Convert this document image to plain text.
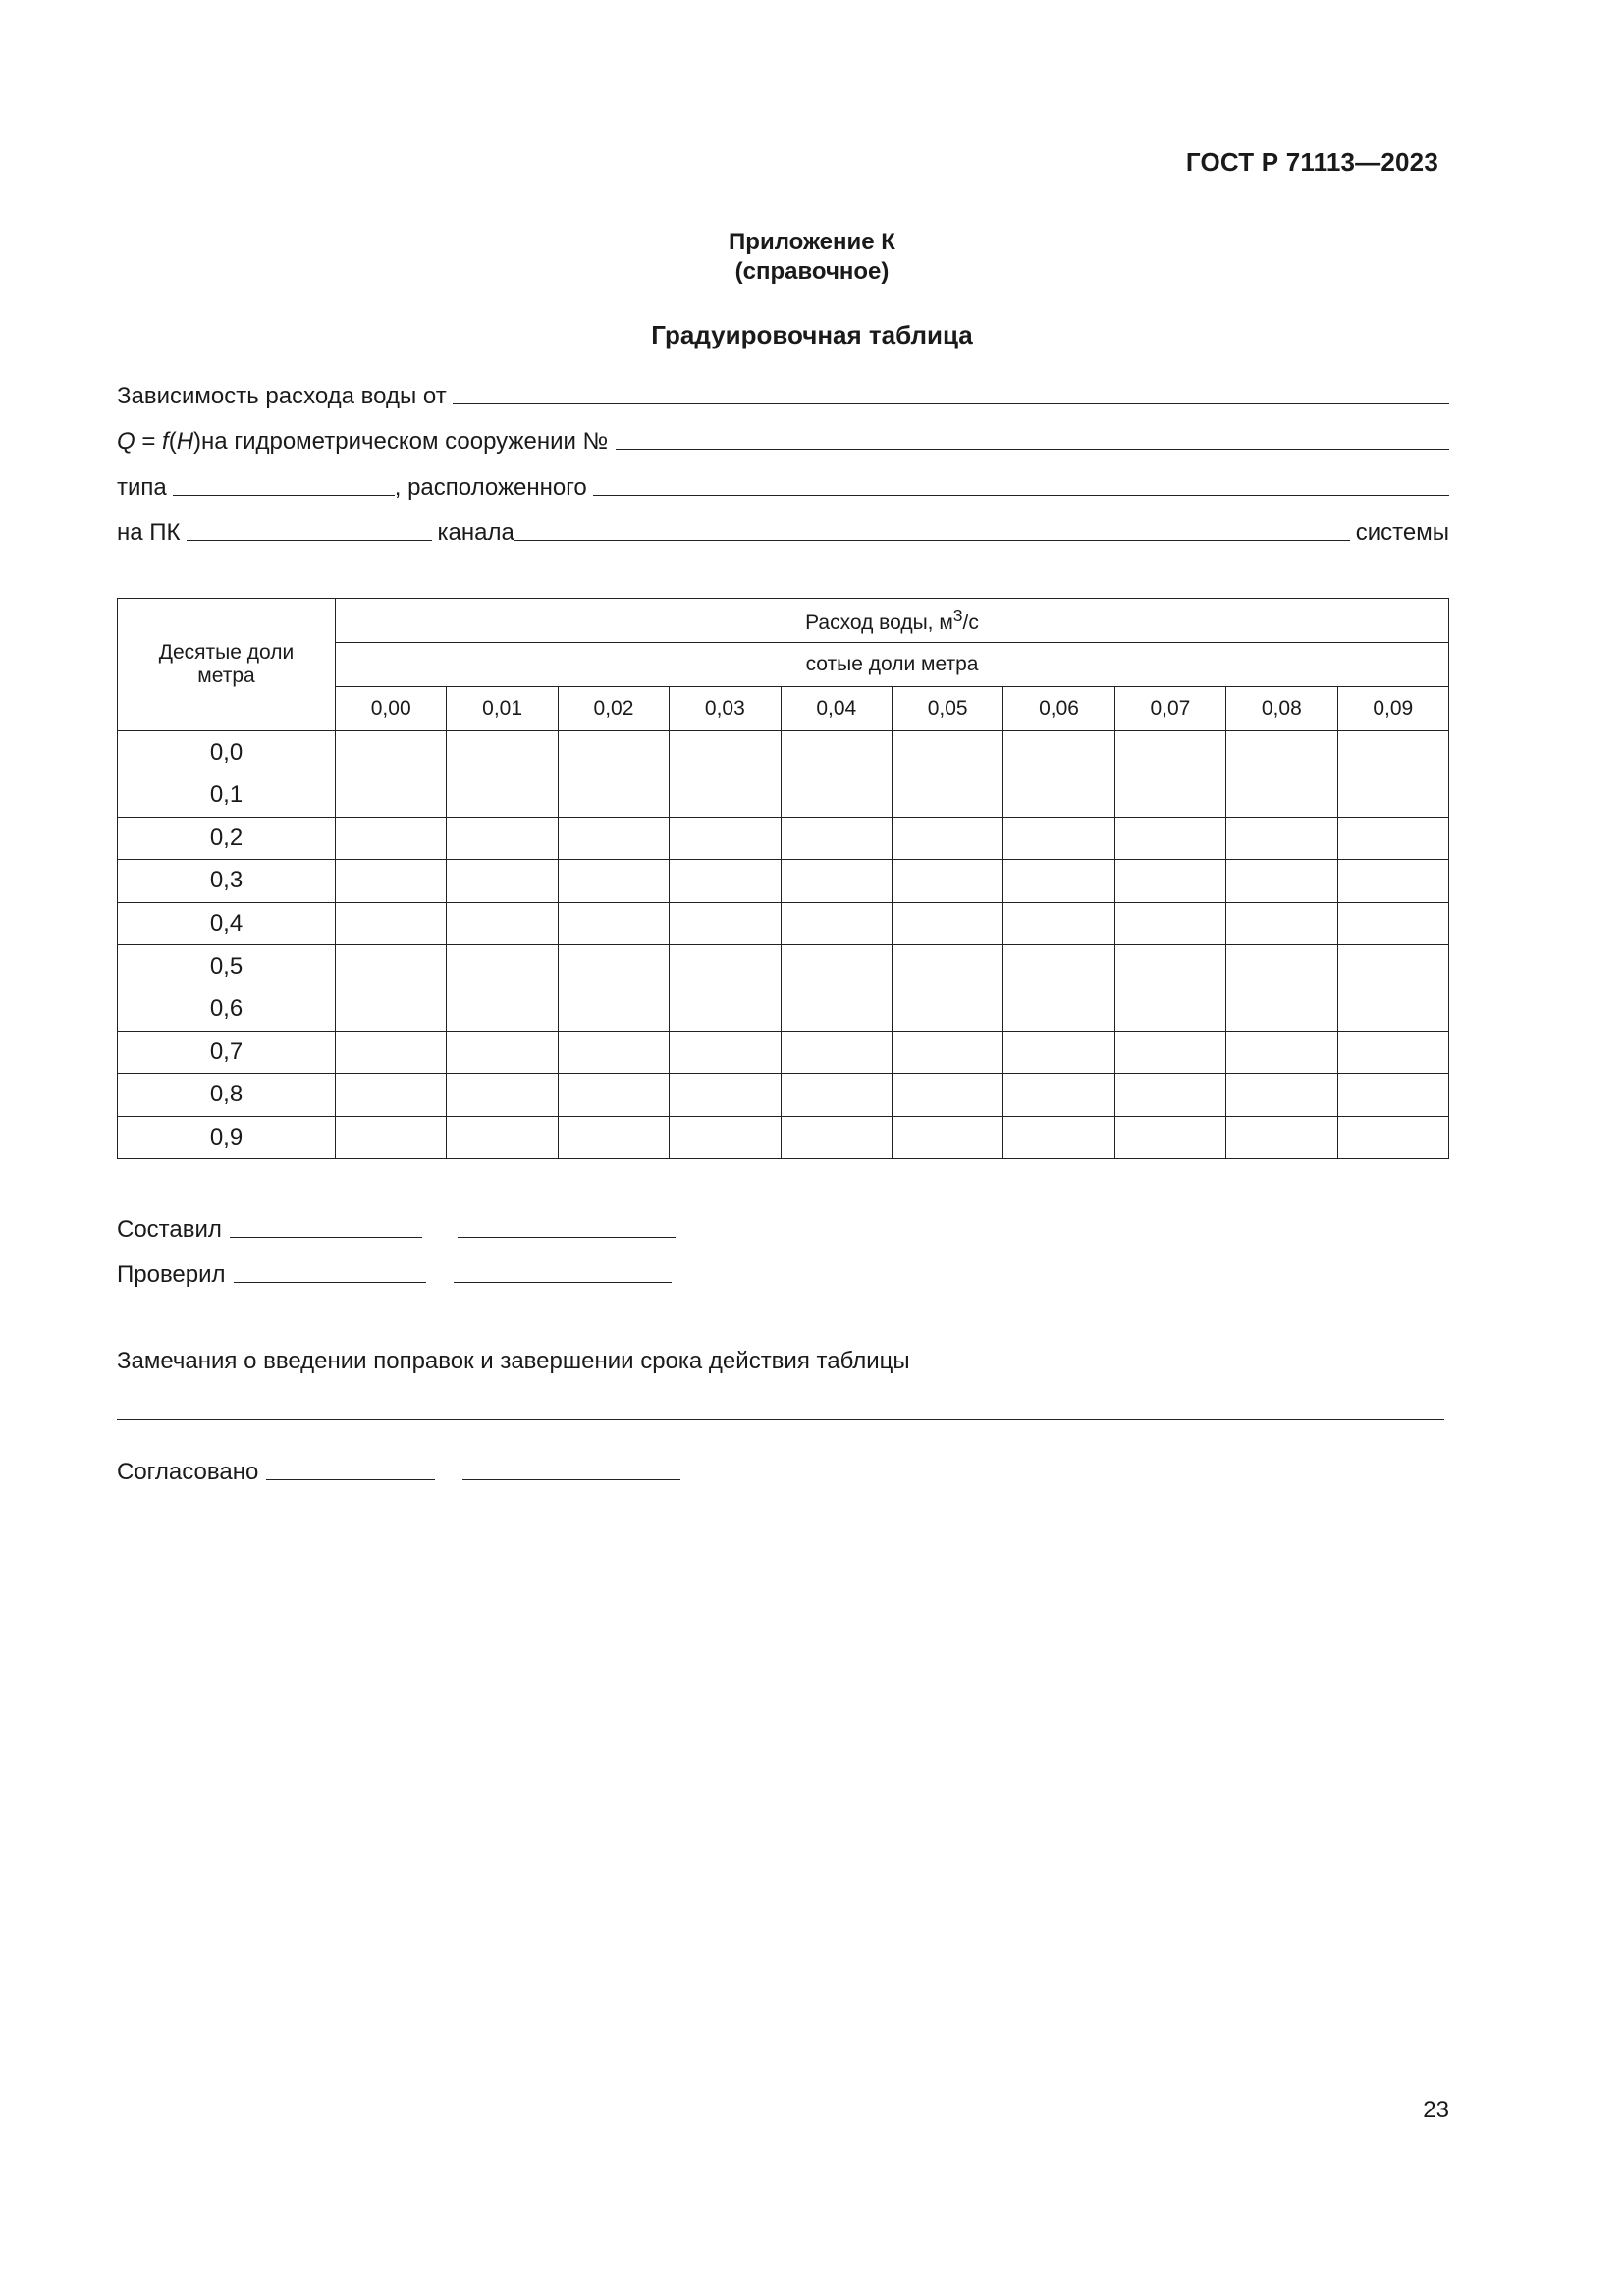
ГОСТ Р 71113—2023
Приложение К
(справочное)
Градуировочная таблица
Зависимость расхода воды от
Q = f(H) на гидрометрическом сооружении №
типа	, расположенного
на ПК	канала	системы
Десятые доли метра	Расход воды, $м^3/с$									
	сотые доли метра									
	0,00	0,01	0,02	0,03	0,04	0,05	0,06	0,07	0,08	0,09
0,0										
0,1										
0,2										
0,3										
0,4										
0,5										
0,6										
0,7										
0,8										
0,9										
Составил
Проверил
Замечания о введении поправок и завершении срока действия таблицы
Согласовано
23
